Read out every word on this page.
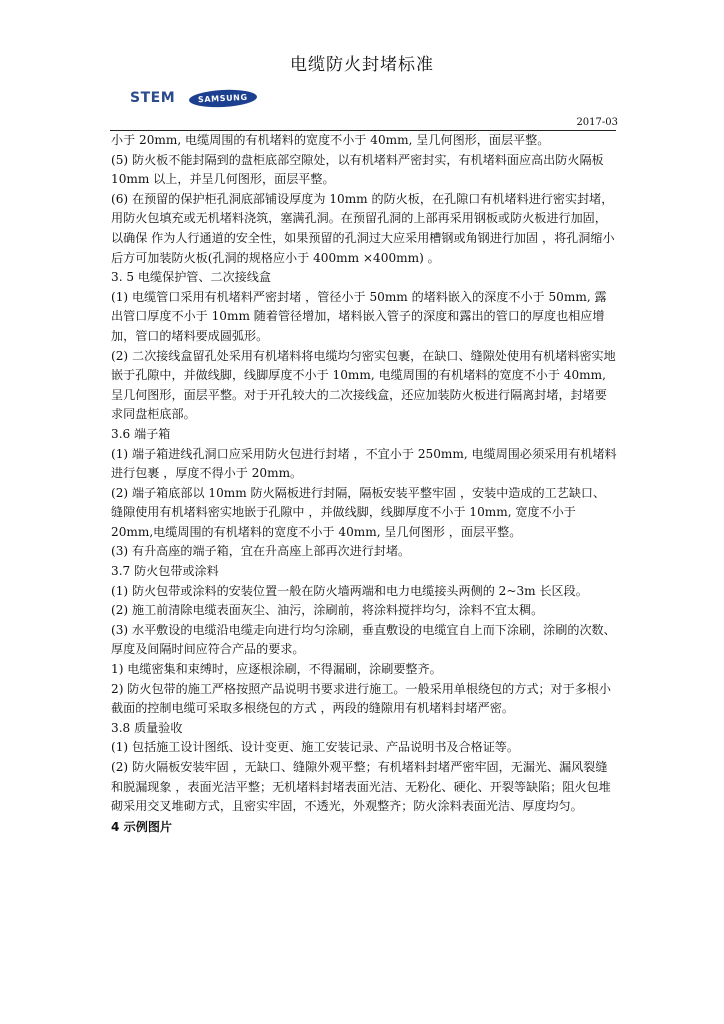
电缆防火封堵标准
STEM	SAMSUNG
2017-03

小于 20mm, 电缆周围的有机堵料的宽度不小于 40mm, 呈几何图形，面层平整。

(5) 防火板不能封隔到的盘柜底部空隙处，以有机堵料严密封实，有机堵料面应高出防火隔板 10mm 以上，并呈几何图形，面层平整。

(6) 在预留的保护柜孔洞底部铺设厚度为 10mm 的防火板，在孔隙口有机堵料进行密实封堵，用防火包填充或无机堵料浇筑，塞满孔洞。在预留孔洞的上部再采用钢板或防火板进行加固，以确保 作为人行通道的安全性，如果预留的孔洞过大应采用槽钢或角钢进行加固 ，将孔洞缩小后方可加装防火板(孔洞的规格应小于 400mm ×400mm) 。

3. 5 电缆保护管、二次接线盒

(1) 电缆管口采用有机堵料严密封堵 ，管径小于 50mm 的堵料嵌入的深度不小于 50mm, 露出管口厚度不小于 10mm 随着管径增加，堵料嵌入管子的深度和露出的管口的厚度也相应增加，管口的堵料要成圆弧形。

(2) 二次接线盒留孔处采用有机堵料将电缆均匀密实包裹，在缺口、缝隙处使用有机堵料密实地嵌于孔隙中，并做线脚，线脚厚度不小于 10mm, 电缆周围的有机堵料的宽度不小于 40mm,呈几何图形，面层平整。对于开孔较大的二次接线盒，还应加装防火板进行隔离封堵，封堵要求同盘柜底部。

3.6 端子箱

(1) 端子箱进线孔洞口应采用防火包进行封堵 ，不宜小于 250mm, 电缆周围必须采用有机堵料进行包裹 ，厚度不得小于 20mm。

(2) 端子箱底部以 10mm 防火隔板进行封隔，隔板安装平整牢固 ，安装中造成的工艺缺口、缝隙使用有机堵料密实地嵌于孔隙中 ，并做线脚，线脚厚度不小于 10mm, 宽度不小于 20mm,电缆周围的有机堵料的宽度不小于 40mm, 呈几何图形 ，面层平整。

(3) 有升高座的端子箱，宜在升高座上部再次进行封堵。

3.7 防火包带或涂料

(1) 防火包带或涂料的安装位置一般在防火墙两端和电力电缆接头两侧的 2~3m 长区段。

(2) 施工前清除电缆表面灰尘、油污，涂刷前，将涂料搅拌均匀，涂料不宜太稠。

(3) 水平敷设的电缆沿电缆走向进行均匀涂刷，垂直敷设的电缆宜自上而下涂刷，涂刷的次数、厚度及间隔时间应符合产品的要求。

1) 电缆密集和束缚时，应逐根涂刷，不得漏刷，涂刷要整齐。

2) 防火包带的施工严格按照产品说明书要求进行施工。一般采用单根绕包的方式；对于多根小截面的控制电缆可采取多根绕包的方式 ，两段的缝隙用有机堵料封堵严密。

3.8 质量验收

(1) 包括施工设计图纸、设计变更、施工安装记录、产品说明书及合格证等。

(2) 防火隔板安装牢固 ，无缺口、缝隙外观平整；有机堵料封堵严密牢固，无漏光、漏风裂缝和脱漏现象 ，表面光洁平整；无机堵料封堵表面光洁、无粉化、硬化、开裂等缺陷；阻火包堆砌采用交叉堆砌方式，且密实牢固，不透光，外观整齐；防火涂料表面光洁、厚度均匀。

4 示例图片
